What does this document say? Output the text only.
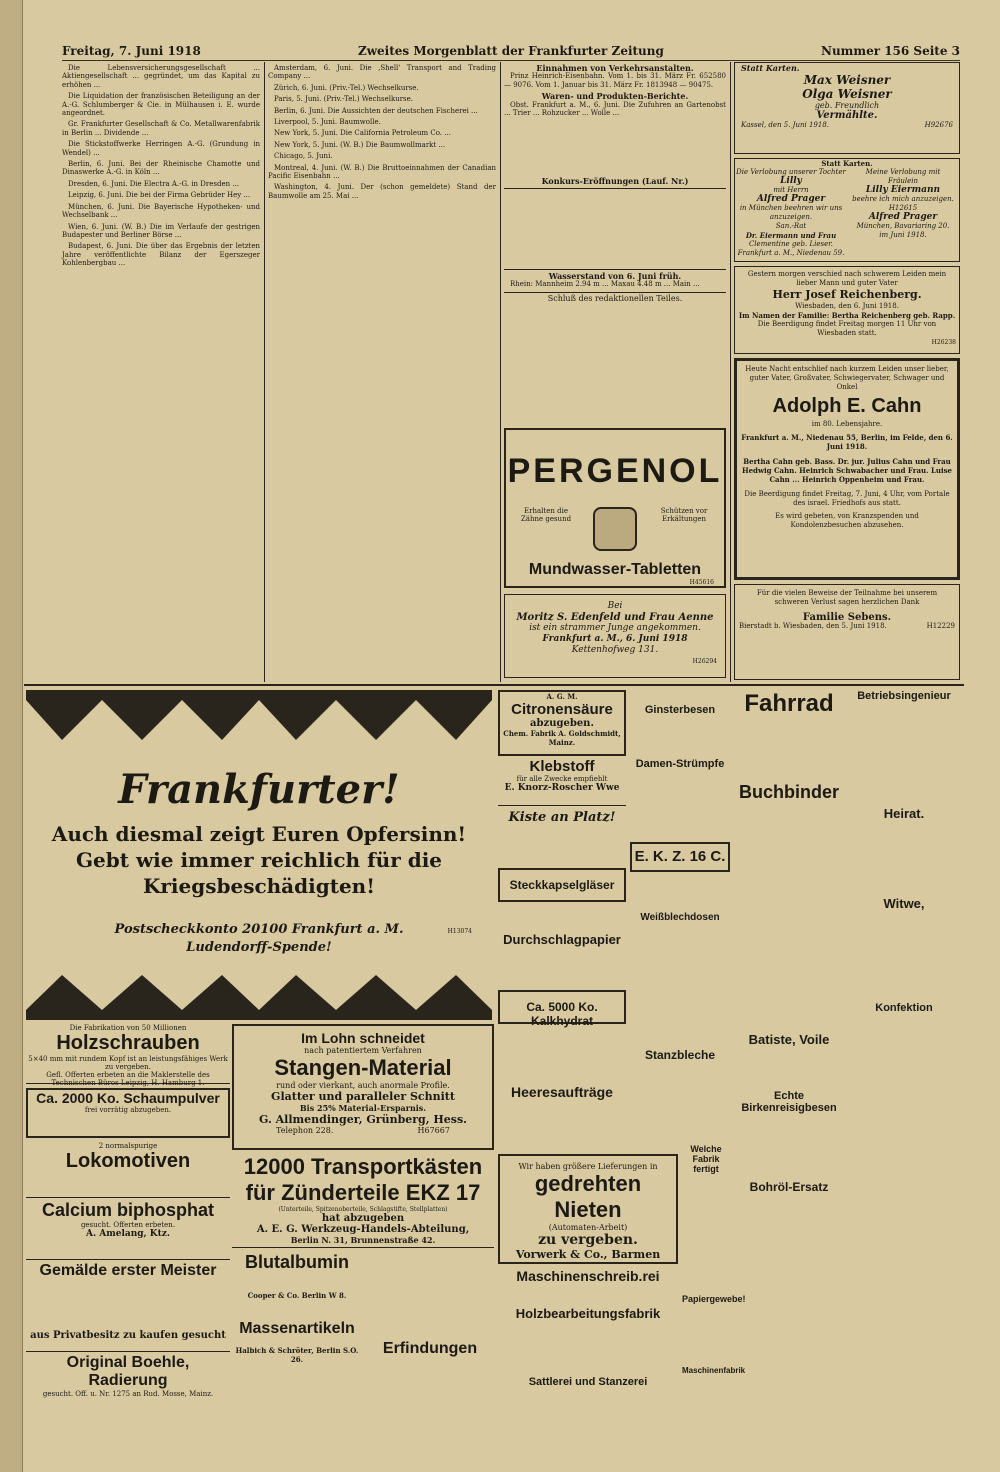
Freitag, 7. Juni 1918	Zweites Morgenblatt der Frankfurter Zeitung	Nummer 156 Seite 3

Die Lebensversicherungsgesellschaft ... Aktiengesellschaft ... gegründet, um das Kapital zu erhöhen ...

Die Liquidation der französischen Beteiligung an der A.-G. Schlumberger & Cie. in Mülhausen i. E. wurde angeordnet.

Gr. Frankfurter Gesellschaft & Co. Metallwarenfabrik in Berlin ... Dividende ...

Die Stickstoffwerke Herringen A.-G. (Grundung in Wendel) ...

Berlin, 6. Juni. Bei der Rheinische Chamotte und Dinaswerke A.-G. in Köln ...

Dresden, 6. Juni. Die Electra A.-G. in Dresden ...

Leipzig, 6. Juni. Die bei der Firma Gebrüder Hey ...

München, 6. Juni. Die Bayerische Hypotheken- und Wechselbank ...

Wien, 6. Juni. (W. B.) Die im Verlaufe der gestrigen Budapester und Berliner Börse ...

Budapest, 6. Juni. Die über das Ergebnis der letzten Jahre veröffentlichte Bilanz der Egerszeger Kohlenbergbau ...

Amsterdam, 6. Juni. Die ,Shell' Transport and Trading Company ...

Zürich, 6. Juni. (Priv.-Tel.) Wechselkurse.

Paris, 5. Juni. (Priv.-Tel.) Wechselkurse.

Berlin, 6. Juni. Die Aussichten der deutschen Fischerei ...

Liverpool, 5. Juni. Baumwolle.

New York, 5. Juni. Die California Petroleum Co. ...

New York, 5. Juni. (W. B.) Die Baumwollmarkt ...

Chicago, 5. Juni.

Montreal, 4. Juni. (W. B.) Die Bruttoeinnahmen der Canadian Pacific Eisenbahn ...

Washington, 4. Juni. Der (schon gemeldete) Stand der Baumwolle am 25. Mai ...

Einnahmen von Verkehrsanstalten.

Prinz Heinrich-Eisenbahn. Vom 1. bis 31. März Fr. 652580 — 9076. Vom 1. Januar bis 31. März Fr. 1813948 — 90475.

Waren- und Produkten-Berichte.

Obst. Frankfurt a. M., 6. Juni. Die Zufuhren an Gartenobst ... Trier ... Rohzucker ... Wolle ...

Konkurs-Eröffnungen (Lauf. Nr.)
Wasserstand von 6. Juni früh.

Rhein: Mannheim 2.94 m ... Maxau 4.48 m ... Main ...

Schluß des redaktionellen Teiles.
PERGENOL
Erhalten die Zähne gesund
Schützen vor Erkältungen
Mundwasser-Tabletten
H45616
Bei
Moritz S. Edenfeld und Frau Aenne
ist ein strammer Junge angekommen.
Frankfurt a. M., 6. Juni 1918
Kettenhofweg 131.
H26294
Statt Karten.
Max Weisner
Olga Weisner
geb. Freundlich
Vermählte.
Kassel, den 5. Juni 1918.	H92676
Statt Karten.
Die Verlobung unserer Tochter
Lilly
mit Herrn
Alfred Prager
in München beehren wir uns anzuzeigen.
San.-Rat
Dr. Eiermann und Frau
Clementine geb. Lieser.
Frankfurt a. M., Niedenau 59.
Meine Verlobung mit
Fräulein
Lilly Eiermann
beehre ich mich anzuzeigen.
H12615
Alfred Prager
München, Bavariaring 20.
im Juni 1918.
Gestern morgen verschied nach schwerem Leiden mein lieber Mann und guter Vater
Herr Josef Reichenberg.
Wiesbaden, den 6. Juni 1918.
Im Namen der Familie: Bertha Reichenberg geb. Rapp.
Die Beerdigung findet Freitag morgen 11 Uhr von Wiesbaden statt.
H26238
Heute Nacht entschlief nach kurzem Leiden unser lieber, guter Vater, Großvater, Schwiegervater, Schwager und Onkel
Adolph E. Cahn
im 80. Lebensjahre.
Frankfurt a. M., Niedenau 55, Berlin, im Felde, den 6. Juni 1918.
Bertha Cahn geb. Bass. Dr. jur. Julius Cahn und Frau Hedwig Cahn. Heinrich Schwabacher und Frau. Luise Cahn ... Heinrich Oppenheim und Frau.
Die Beerdigung findet Freitag, 7. Juni, 4 Uhr, vom Portale des israel. Friedhofs aus statt.
Es wird gebeten, von Kranzspenden und Kondolenzbesuchen abzusehen.
Für die vielen Beweise der Teilnahme bei unserem schweren Verlust sagen herzlichen Dank
Familie Sebens.
Bierstadt b. Wiesbaden, den 5. Juni 1918.	H12229
Frankfurter!
Auch diesmal zeigt Euren Opfersinn!
Gebt wie immer reichlich für die
Kriegsbeschädigten!
Postscheckkonto 20100 Frankfurt a. M.
Ludendorff-Spende!
H13074
Die Fabrikation von 50 Millionen
Holzschrauben
5×40 mm mit rundem Kopf ist an leistungsfähiges Werk zu vergeben.
Gefl. Offerten erbeten an die Maklerstelle des Technischen Büros Leipzig, H. Hamburg 1.
Ca. 2000 Ko. Schaumpulver
frei vorrätig abzugeben.
2 normalspurige
Lokomotiven
Calcium biphosphat
gesucht. Offerten erbeten.
A. Amelang, Ktz.
Gemälde erster Meister
aus Privatbesitz zu kaufen gesucht
Original Boehle, Radierung
gesucht. Off. u. Nr. 1275 an Rud. Mosse, Mainz.
Im Lohn schneidet
nach patentiertem Verfahren
Stangen-Material
rund oder vierkant, auch anormale Profile.
Glatter und paralleler Schnitt
Bis 25% Material-Ersparnis.
G. Allmendinger, Grünberg, Hess.
Telephon 228.	H67667
12000 Transportkästen
für Zünderteile EKZ 17
(Unterteile, Spitzenoberteile, Schlagstifte, Stellplatten)
hat abzugeben
A. E. G. Werkzeug-Handels-Abteilung,
Berlin N. 31, Brunnenstraße 42.
Blutalbumin
Cooper & Co. Berlin W 8.
Massenartikeln
Halbich & Schröter, Berlin S.O. 26.
Erfindungen
A. G. M.
Citronensäure
abzugeben.
Chem. Fabrik A. Goldschmidt, Mainz.
Klebstoff
für alle Zwecke empfiehlt
E. Knorz-Roscher Wwe
Kiste an Platz!
Steckkapselgläser
Durchschlagpapier
Ca. 5000 Ko. Kalkhydrat
Heeresaufträge
Wir haben größere Lieferungen in
gedrehten Nieten
(Automaten-Arbeit)
zu vergeben.
Vorwerk & Co., Barmen
Maschinenschreib.rei
Holzbearbeitungsfabrik
Sattlerei und Stanzerei
Ginsterbesen
Damen-Strümpfe
E. K. Z. 16 C.
Weißblechdosen
Stanzbleche
Welche Fabrik fertigt
Papiergewebe!
Maschinenfabrik
Fahrrad
Buchbinder
Batiste, Voile
Echte Birkenreisigbesen
Bohröl-Ersatz
Betriebsingenieur
Heirat.
Witwe,
Konfektion
